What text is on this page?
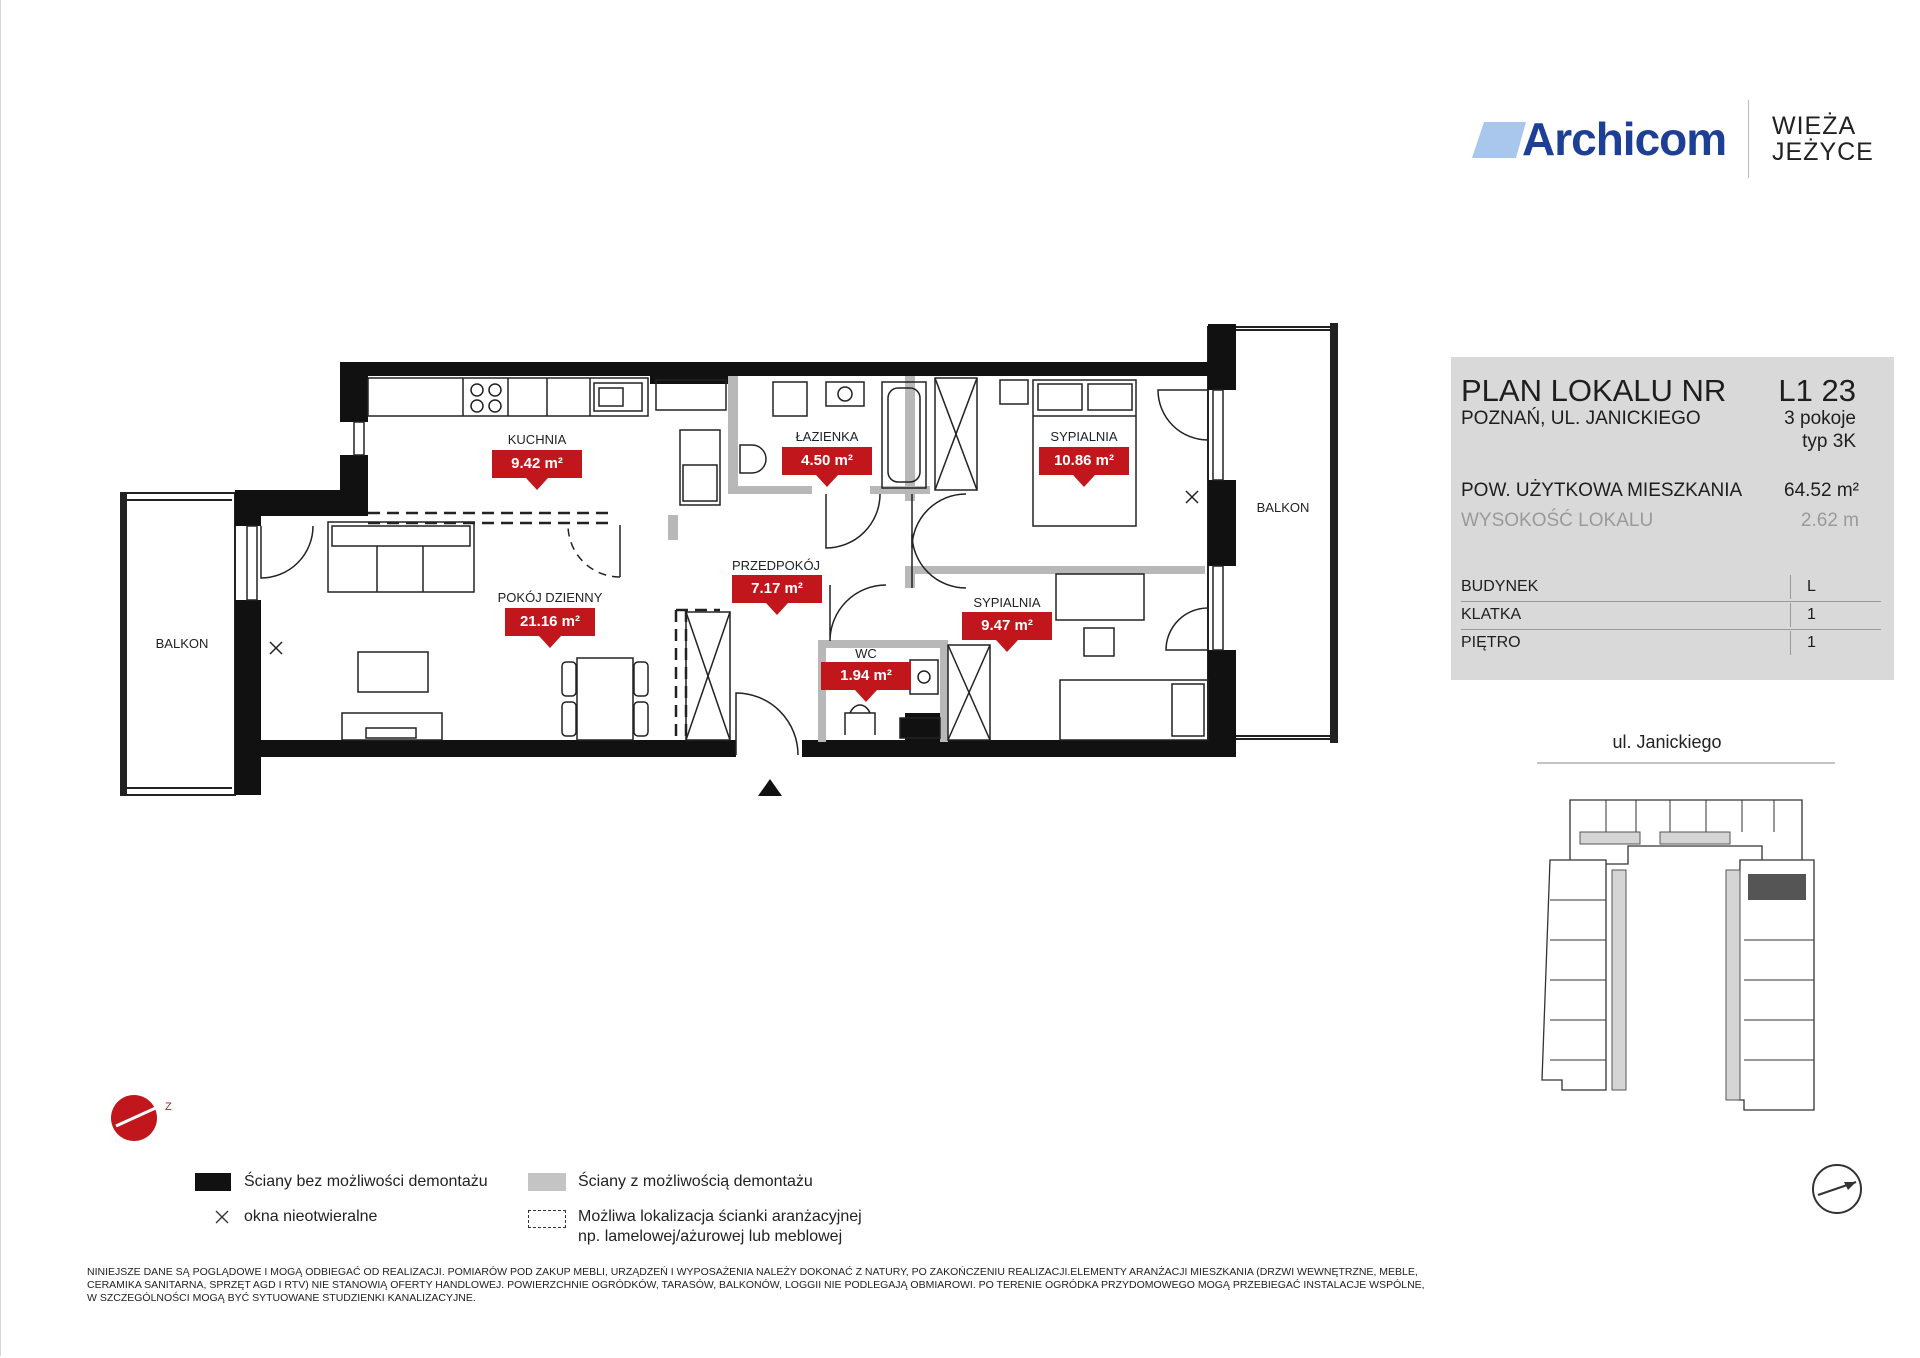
Archicom WIEŻA
JEŻYCE
PLAN LOKALU NR L1 23
POZNAŃ, UL. JANICKIEGO	3 pokoje
typ 3K
POW. UŻYTKOWA MIESZKANIA 64.52 m²
WYSOKOŚĆ LOKALU	2.62 m
BUDYNEK	L
KLATKA	1
PIĘTRO	1
Z
KUCHNIA
9.42 m²
ŁAZIENKA
4.50 m²
SYPIALNIA
10.86 m²
POKÓJ DZIENNY
21.16 m²
PRZEDPOKÓJ
7.17 m²
SYPIALNIA
9.47 m²
WC
1.94 m²
BALKON
BALKON
ul. Janickiego
Ściany bez możliwości demontażu	Ściany z możliwością demontażu
okna nieotwieralne	Możliwa lokalizacja ścianki aranżacyjnej
np. lamelowej/ażurowej lub meblowej
NINIEJSZE DANE SĄ POGLĄDOWE I MOGĄ ODBIEGAĆ OD REALIZACJI. POMIARÓW POD ZAKUP MEBLI, URZĄDZEŃ I WYPOSAŻENIA NALEŻY DOKONAĆ Z NATURY, PO ZAKOŃCZENIU REALIZACJI.ELEMENTY ARANŻACJI MIESZKANIA (DRZWI WEWNĘTRZNE, MEBLE, CERAMIKA SANITARNA, SPRZĘT AGD I RTV) NIE STANOWIĄ OFERTY HANDLOWEJ. POWIERZCHNIE OGRÓDKÓW, TARASÓW, BALKONÓW, LOGGII NIE PODLEGAJĄ OBMIAROWI. PO TERENIE OGRÓDKA PRZYDOMOWEGO MOGĄ PRZEBIEGAĆ INSTALACJE WSPÓLNE, W SZCZEGÓLNOŚCI MOGĄ BYĆ SYTUOWANE STUDZIENKI KANALIZACYJNE.
